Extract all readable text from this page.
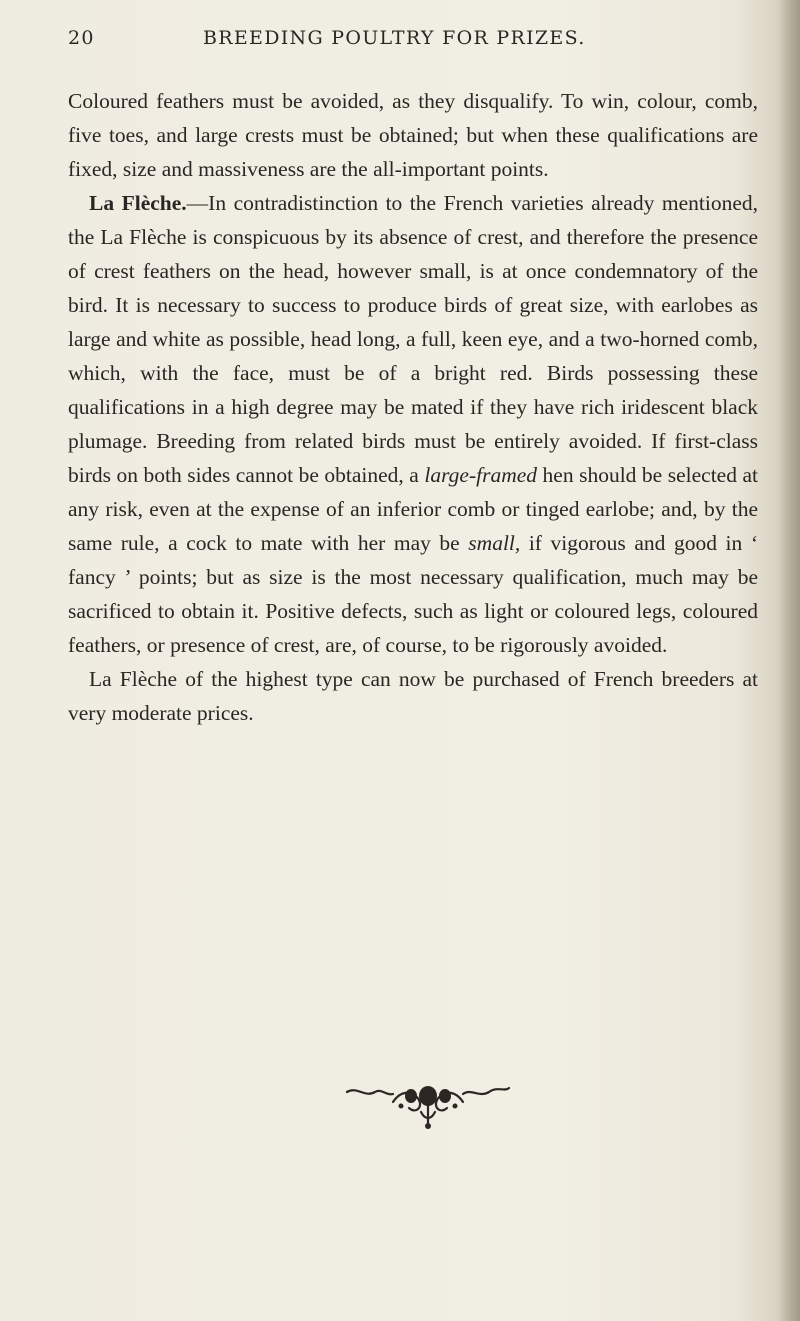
20	BREEDING POULTRY FOR PRIZES.

Coloured feathers must be avoided, as they disqualify. To win, colour, comb, five toes, and large crests must be obtained; but when these qualifications are fixed, size and massiveness are the all-important points.

La Flèche.—In contradistinction to the French varieties already mentioned, the La Flèche is conspicuous by its absence of crest, and therefore the presence of crest feathers on the head, however small, is at once condemnatory of the bird. It is necessary to success to produce birds of great size, with earlobes as large and white as possible, head long, a full, keen eye, and a two-horned comb, which, with the face, must be of a bright red. Birds possessing these qualifications in a high degree may be mated if they have rich iridescent black plumage. Breeding from related birds must be entirely avoided. If first-class birds on both sides cannot be obtained, a large-framed hen should be selected at any risk, even at the expense of an inferior comb or tinged earlobe; and, by the same rule, a cock to mate with her may be small, if vigorous and good in ‘ fancy ’ points; but as size is the most necessary qualification, much may be sacrificed to obtain it. Positive defects, such as light or coloured legs, coloured feathers, or presence of crest, are, of course, to be rigorously avoided.

La Flèche of the highest type can now be purchased of French breeders at very moderate prices.
